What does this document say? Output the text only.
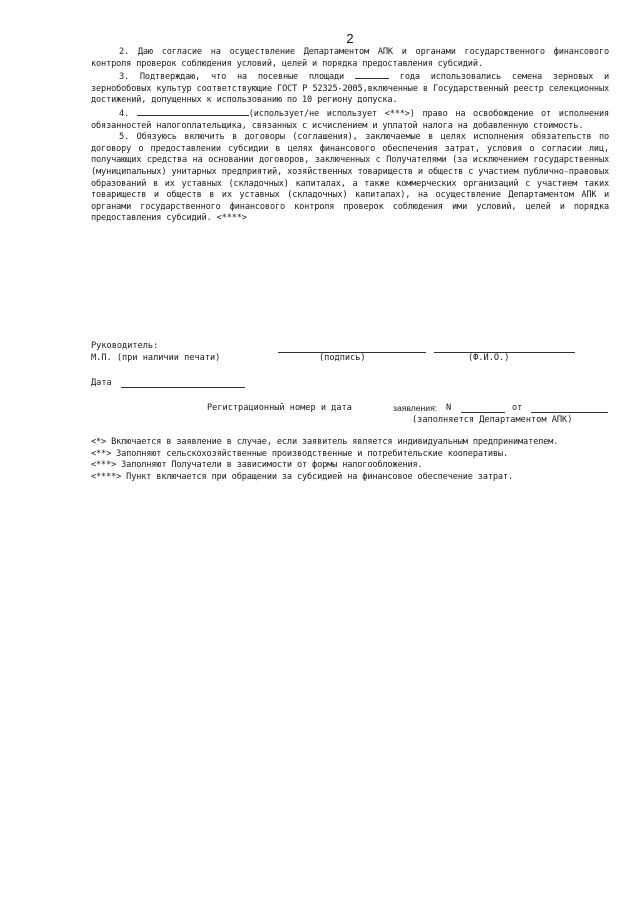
2

2. Даю согласие на осуществление Департаментом АПК и органами государственного финансового контроля проверок соблюдения условий, целей и порядка предоставления субсидий.

3. Подтверждаю, что на посевные площади	года использовались семена зерновых и зернобобовых культур соответствующие ГОСТ Р 52325-2005,включенные в Государственный реестр селекционных достижений, допущенных к использованию по 10 региону допуска.

4.	(использует/не использует <***>) право на освобождение от исполнения обязанностей налогоплательщика, связанных с исчислением и уплатой налога на добавленную стоимость.

5. Обязуюсь включить в договоры (соглашения), заключаемые в целях исполнения обязательств по договору о предоставлении субсидии в целях финансового обеспечения затрат, условия о согласии лиц, получающих средства на основании договоров, заключенных с Получателями (за исключением государственных (муниципальных) унитарных предприятий, хозяйственных товариществ и обществ с участием публично-правовых образований в их уставных (складочных) капиталах, а также коммерческих организаций с участием таких товариществ и обществ в их уставных (складочных) капиталах), на осуществление Департаментом АПК и органами государственного финансового контроля проверок соблюдения ими условий, целей и порядка предоставления субсидий. <****>

Руководитель:
М.П. (при наличии печати)	(подпись)	(Ф.И.О.)
Дата
Регистрационный номер и дата	заявления: N	от
(заполняется Департаментом АПК)

<*> Включается в заявление в случае, если заявитель является индивидуальным предпринимателем.

<**> Заполняют сельскохозяйственные производственные и потребительские кооперативы.

<***> Заполняют Получатели в зависимости от формы налогообложения.

<****> Пункт включается при обращении за субсидией на финансовое обеспечение затрат.
